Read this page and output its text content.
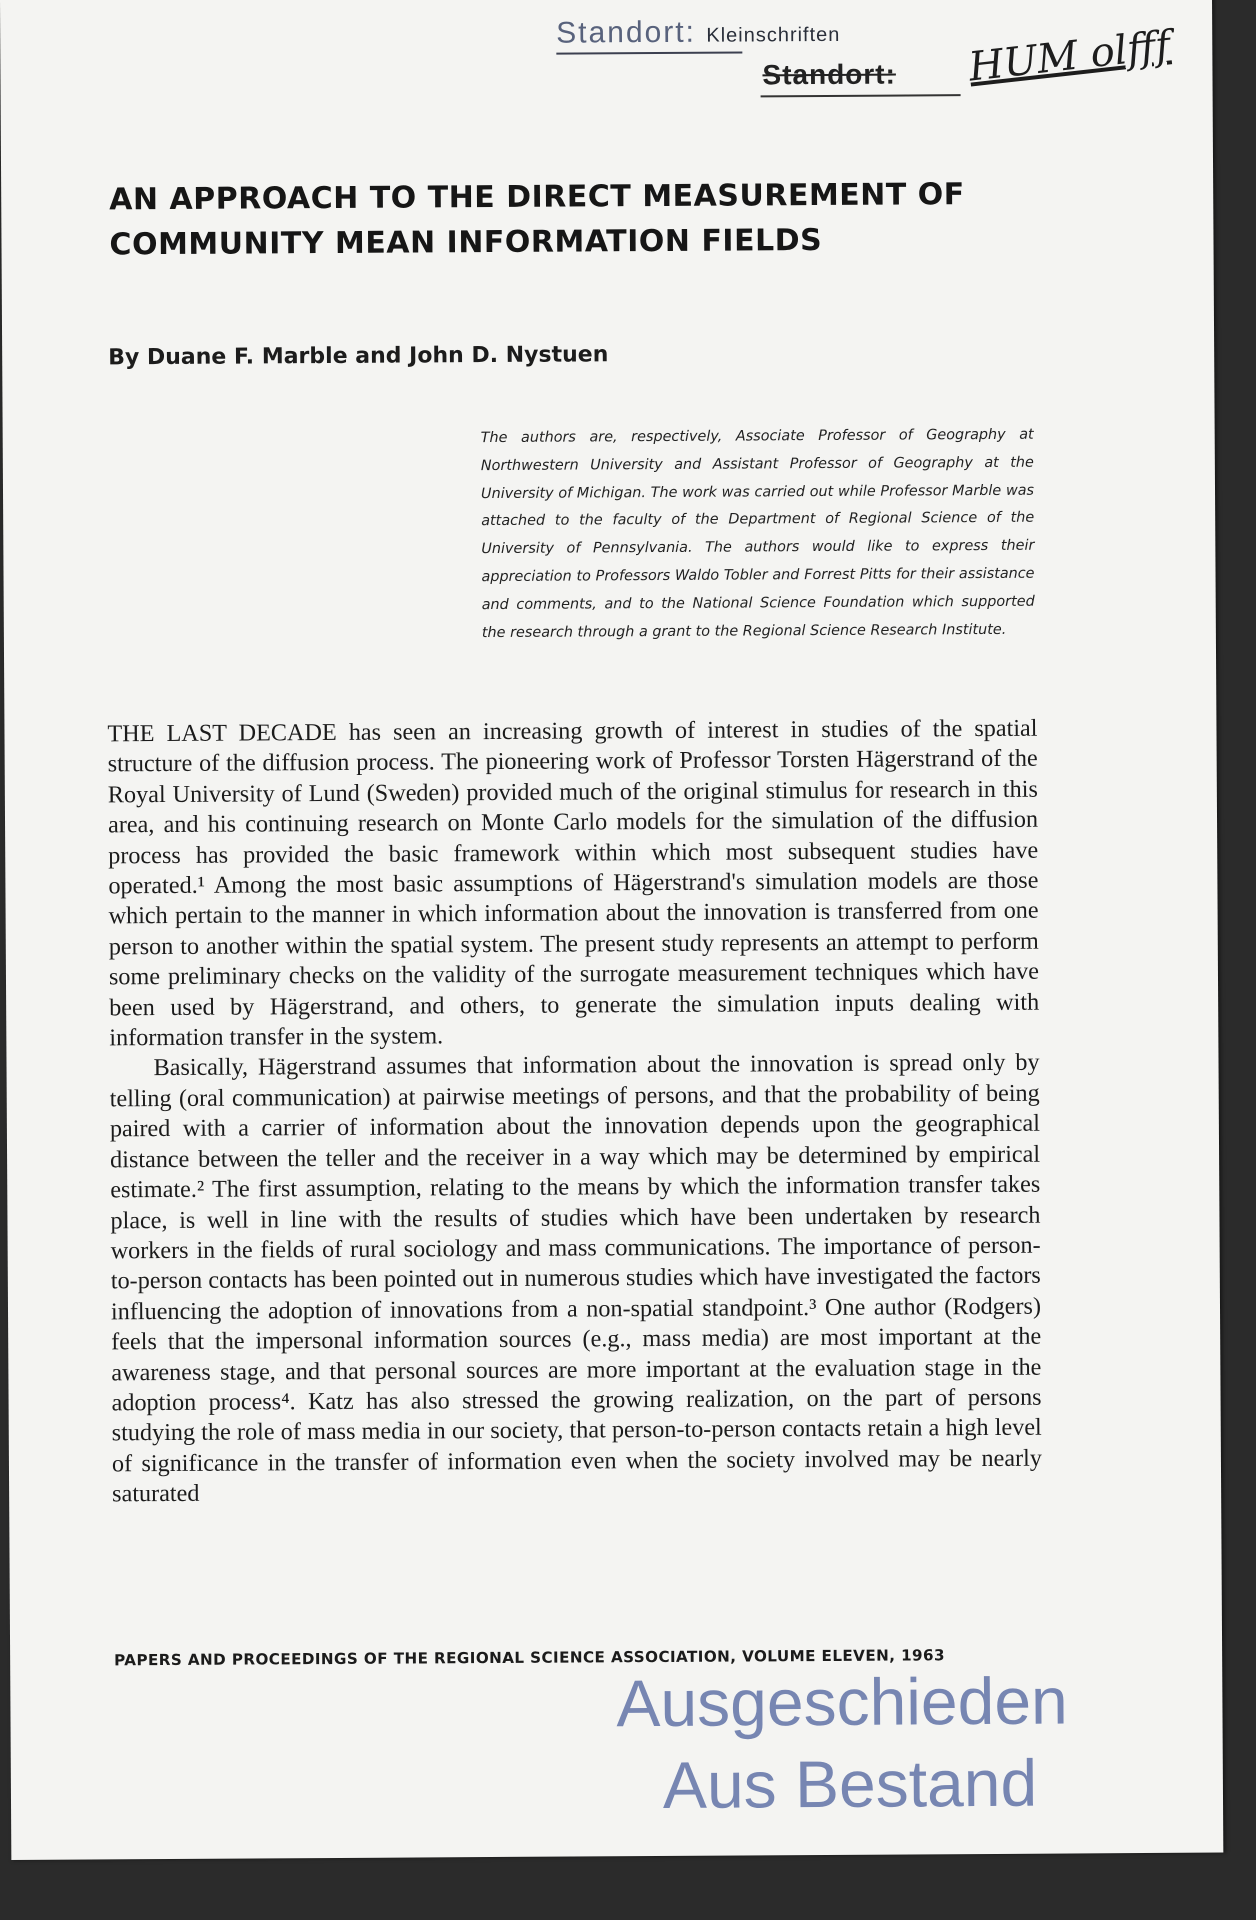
Standort: Kleinschriften
Standort: HUM olfff
AN APPROACH TO THE DIRECT MEASUREMENT OF COMMUNITY MEAN INFORMATION FIELDS

By Duane F. Marble and John D. Nystuen

The authors are, respectively, Associate Professor of Geography at Northwestern University and Assistant Professor of Geography at the University of Michigan. The work was carried out while Professor Marble was attached to the faculty of the Department of Regional Science of the University of Pennsylvania. The authors would like to express their appreciation to Professors Waldo Tobler and Forrest Pitts for their assistance and comments, and to the National Science Foundation which supported the research through a grant to the Regional Science Research Institute.

THE LAST DECADE has seen an increasing growth of interest in studies of the spatial structure of the diffusion process. The pioneering work of Professor Torsten Hägerstrand of the Royal University of Lund (Sweden) provided much of the original stimulus for research in this area, and his continuing research on Monte Carlo models for the simulation of the diffusion process has provided the basic framework within which most subsequent studies have operated.¹ Among the most basic assumptions of Hägerstrand's simulation models are those which pertain to the manner in which information about the innovation is transferred from one person to another within the spatial system. The present study represents an attempt to perform some preliminary checks on the validity of the surrogate measurement techniques which have been used by Hägerstrand, and others, to generate the simulation inputs dealing with information transfer in the system.

Basically, Hägerstrand assumes that information about the innovation is spread only by telling (oral communication) at pairwise meetings of persons, and that the probability of being paired with a carrier of information about the innovation depends upon the geographical distance between the teller and the receiver in a way which may be determined by empirical estimate.² The first assumption, relating to the means by which the information transfer takes place, is well in line with the results of studies which have been undertaken by research workers in the fields of rural sociology and mass communications. The importance of person-to-person contacts has been pointed out in numerous studies which have investigated the factors influencing the adoption of innovations from a non-spatial standpoint.³ One author (Rodgers) feels that the impersonal information sources (e.g., mass media) are most important at the awareness stage, and that personal sources are more important at the evaluation stage in the adoption process⁴. Katz has also stressed the growing realization, on the part of persons studying the role of mass media in our society, that person-to-person contacts retain a high level of significance in the transfer of information even when the society involved may be nearly saturated

PAPERS AND PROCEEDINGS OF THE REGIONAL SCIENCE ASSOCIATION, VOLUME ELEVEN, 1963

Ausgeschieden
Aus Bestand
